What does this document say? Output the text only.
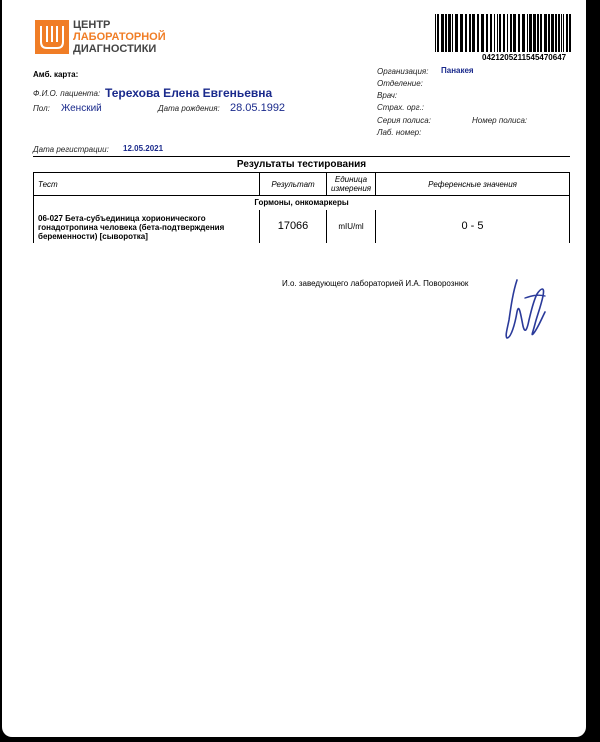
ЦЕНТР
ЛАБОРАТОРНОЙ
ДИАГНОСТИКИ
0421205211545470647
Амб. карта:
Ф.И.О. пациента: Терехова Елена Евгеньевна
Пол: Женский	Дата рождения: 28.05.1992
Организация: Панакея
Отделение:
Врач:
Страх. орг.:
Серия полиса:	Номер полиса:
Лаб. номер:
Дата регистрации: 12.05.2021
Результаты тестирования
Тест	Результат	Единица измерения	Референсные значения
Гормоны, онкомаркеры			
06-027 Бета-субъединица хорионического гонадотропина человека (бета-подтверждения беременности) [сыворотка]	17066	mIU/ml	0 - 5
И.о. заведующего лабораторией И.А. Поворознюк
